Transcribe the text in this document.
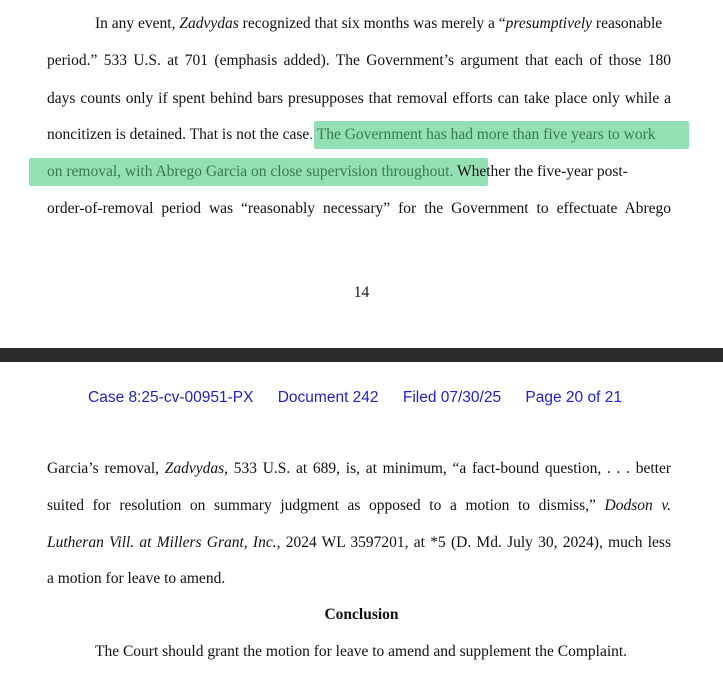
In any event, Zadvydas recognized that six months was merely a “presumptively reasonable
period.” 533 U.S. at 701 (emphasis added). The Government’s argument that each of those 180
days counts only if spent behind bars presupposes that removal efforts can take place only while a
noncitizen is detained. That is not the case. The Government has had more than five years to work
on removal, with Abrego Garcia on close supervision throughout. Whether the five-year post-
order-of-removal period was “reasonably necessary” for the Government to effectuate Abrego
14
Case 8:25-cv-00951-PX Document 242 Filed 07/30/25 Page 20 of 21
Garcia’s removal, Zadvydas, 533 U.S. at 689, is, at minimum, “a fact-bound question, . . . better
suited for resolution on summary judgment as opposed to a motion to dismiss,” Dodson v.
Lutheran Vill. at Millers Grant, Inc., 2024 WL 3597201, at *5 (D. Md. July 30, 2024), much less
a motion for leave to amend.
Conclusion
The Court should grant the motion for leave to amend and supplement the Complaint.
